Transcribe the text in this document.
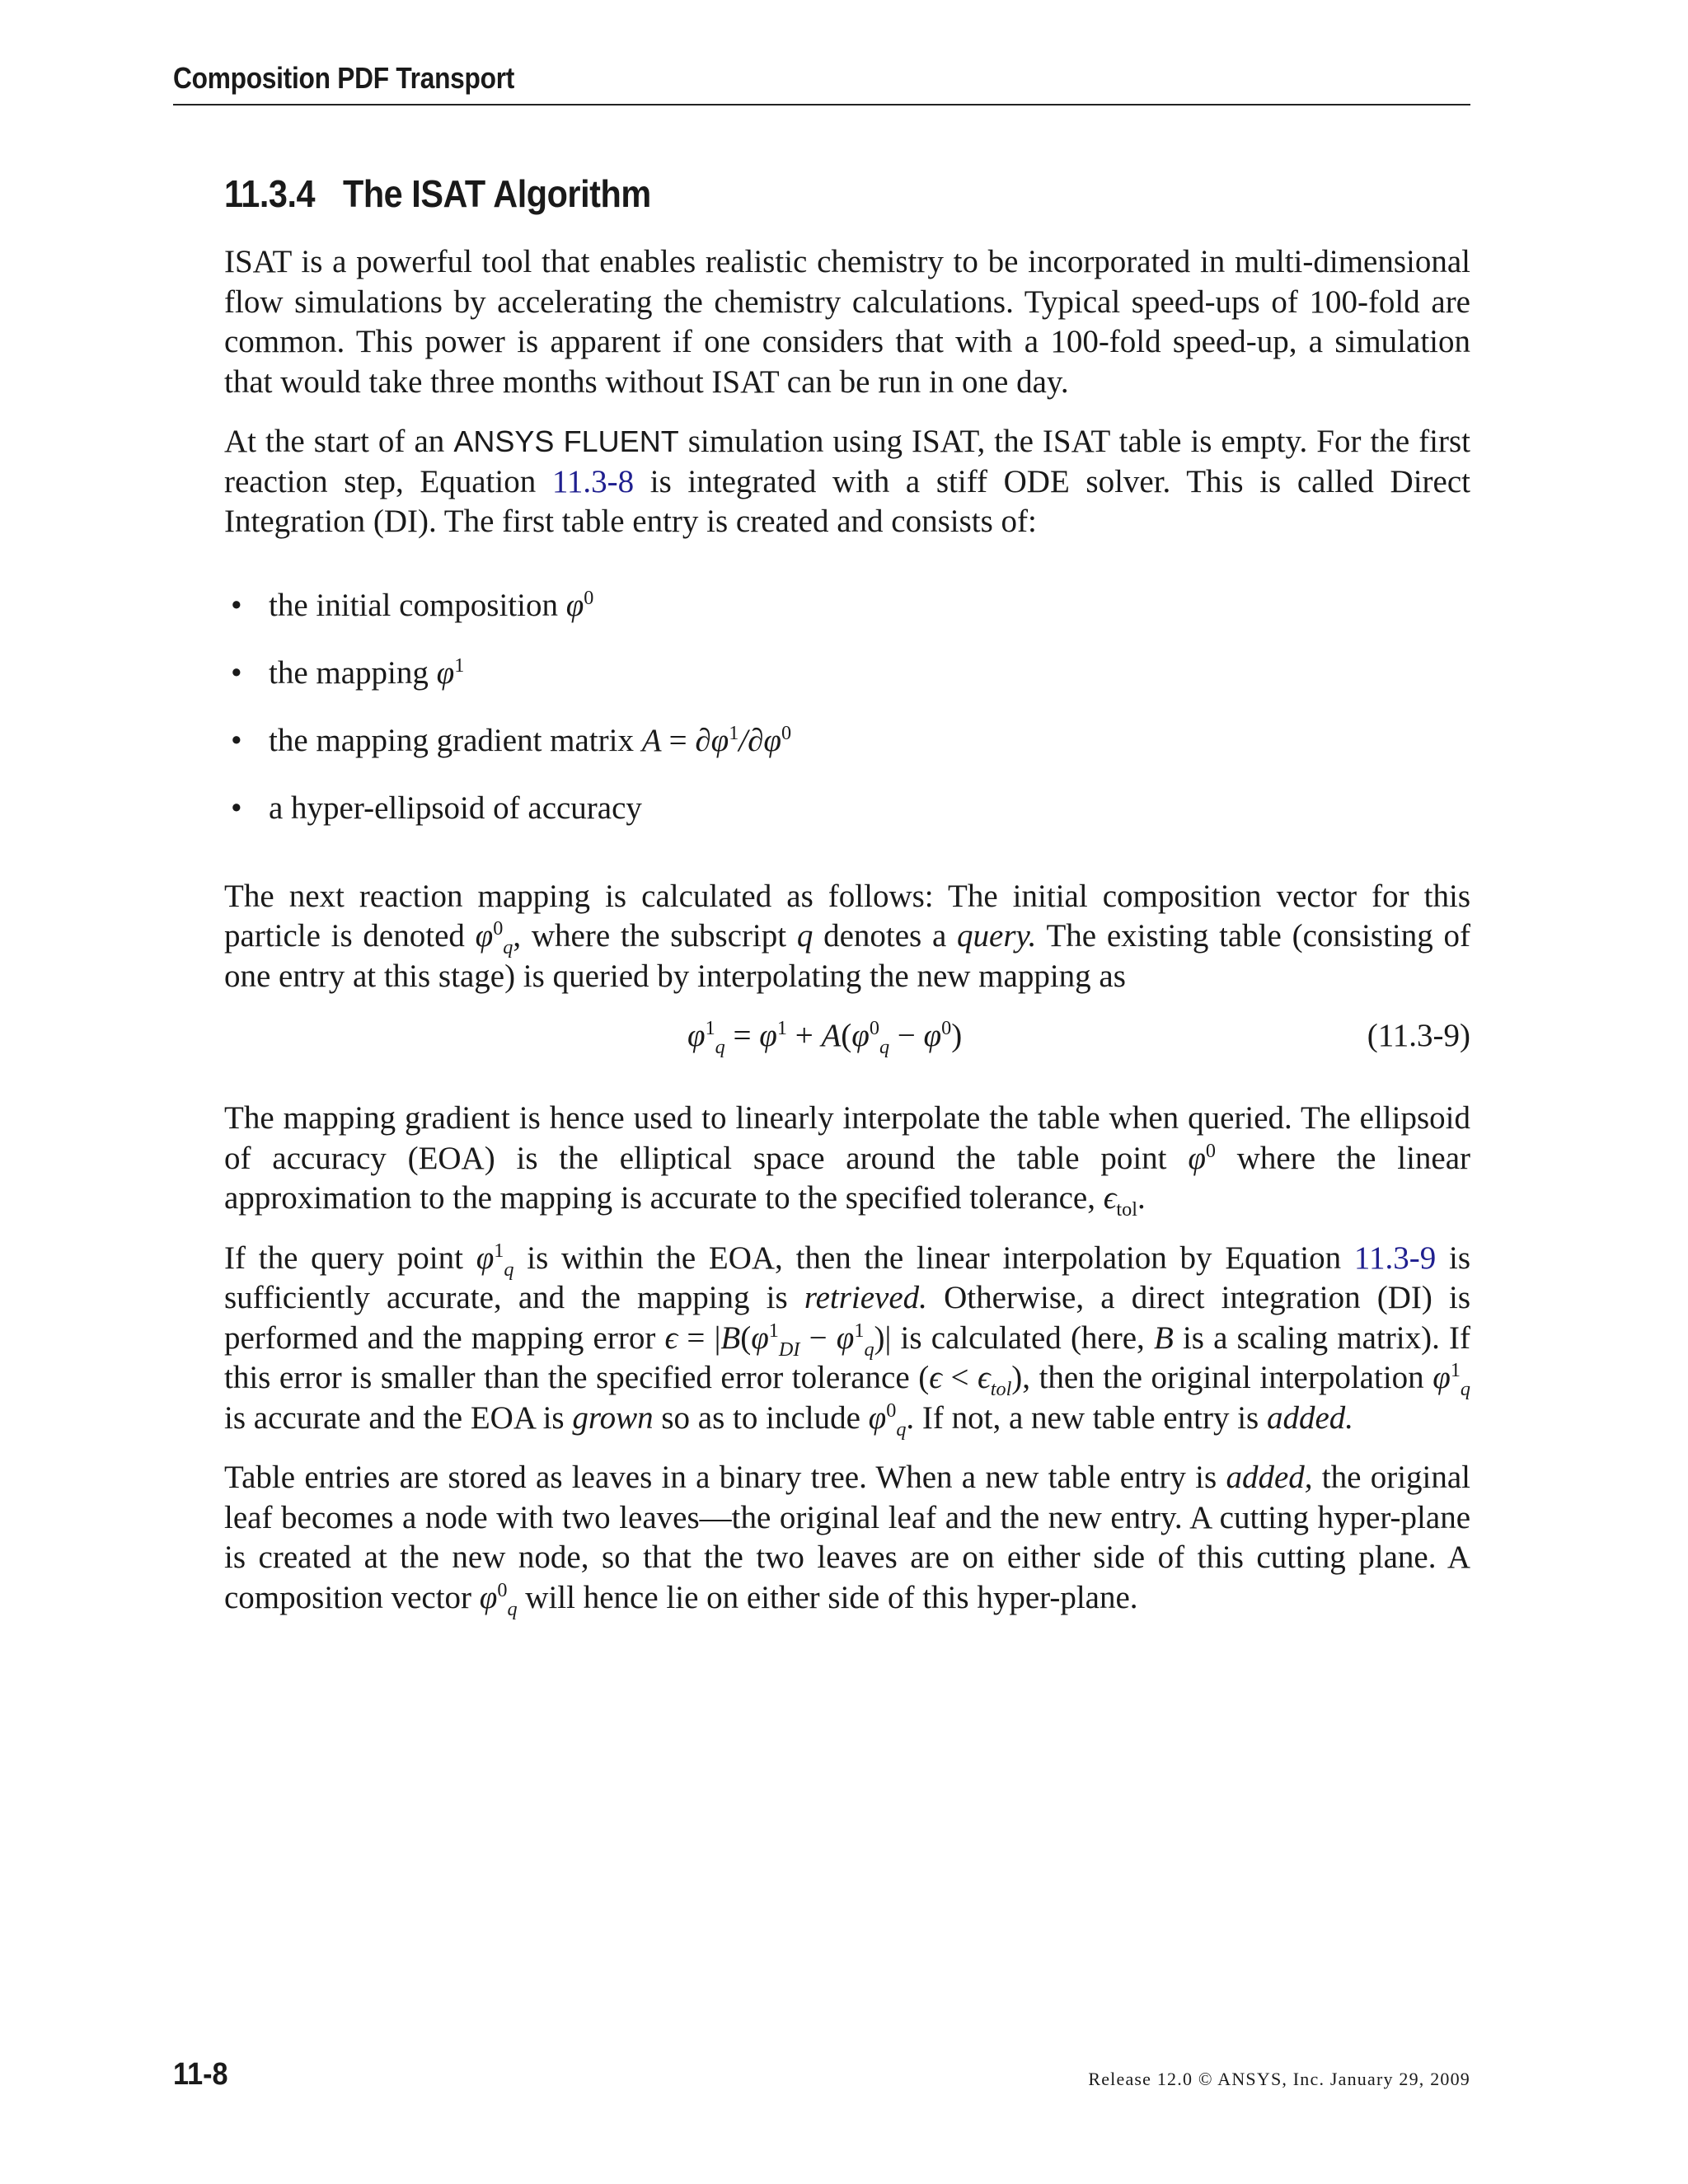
Composition PDF Transport
11.3.4 The ISAT Algorithm

ISAT is a powerful tool that enables realistic chemistry to be incorporated in multi-dimensional flow simulations by accelerating the chemistry calculations. Typical speed-ups of 100-fold are common. This power is apparent if one considers that with a 100-fold speed-up, a simulation that would take three months without ISAT can be run in one day.

At the start of an ANSYS FLUENT simulation using ISAT, the ISAT table is empty. For the first reaction step, Equation 11.3-8 is integrated with a stiff ODE solver. This is called Direct Integration (DI). The first table entry is created and consists of:

• the initial composition $\varphi^0$
• the mapping $\varphi^1$
• the mapping gradient matrix $A = \partial\varphi^1/\partial\varphi^0$
• a hyper-ellipsoid of accuracy

The next reaction mapping is calculated as follows: The initial composition vector for this particle is denoted $\varphi^0_q$, where the subscript q denotes a query. The existing table (consisting of one entry at this stage) is queried by interpolating the new mapping as

$\varphi^1_q = \varphi^1 + A(\varphi^0_q - \varphi^0)$	(11.3-9)

The mapping gradient is hence used to linearly interpolate the table when queried. The ellipsoid of accuracy (EOA) is the elliptical space around the table point $\varphi^0$ where the linear approximation to the mapping is accurate to the specified tolerance, $\epsilon_{tol}$.

If the query point $\varphi^1_q$ is within the EOA, then the linear interpolation by Equation 11.3-9 is sufficiently accurate, and the mapping is retrieved. Otherwise, a direct integration (DI) is performed and the mapping error $\epsilon = |B(\varphi^1_{DI} - \varphi^1_q)|$ is calculated (here, B is a scaling matrix). If this error is smaller than the specified error tolerance $(\epsilon < \epsilon_{tol})$, then the original interpolation $\varphi^1_q$ is accurate and the EOA is grown so as to include $\varphi^0_q$. If not, a new table entry is added.

Table entries are stored as leaves in a binary tree. When a new table entry is added, the original leaf becomes a node with two leaves—the original leaf and the new entry. A cutting hyper-plane is created at the new node, so that the two leaves are on either side of this cutting plane. A composition vector $\varphi^0_q$ will hence lie on either side of this hyper-plane.

11-8	Release 12.0 © ANSYS, Inc. January 29, 2009
